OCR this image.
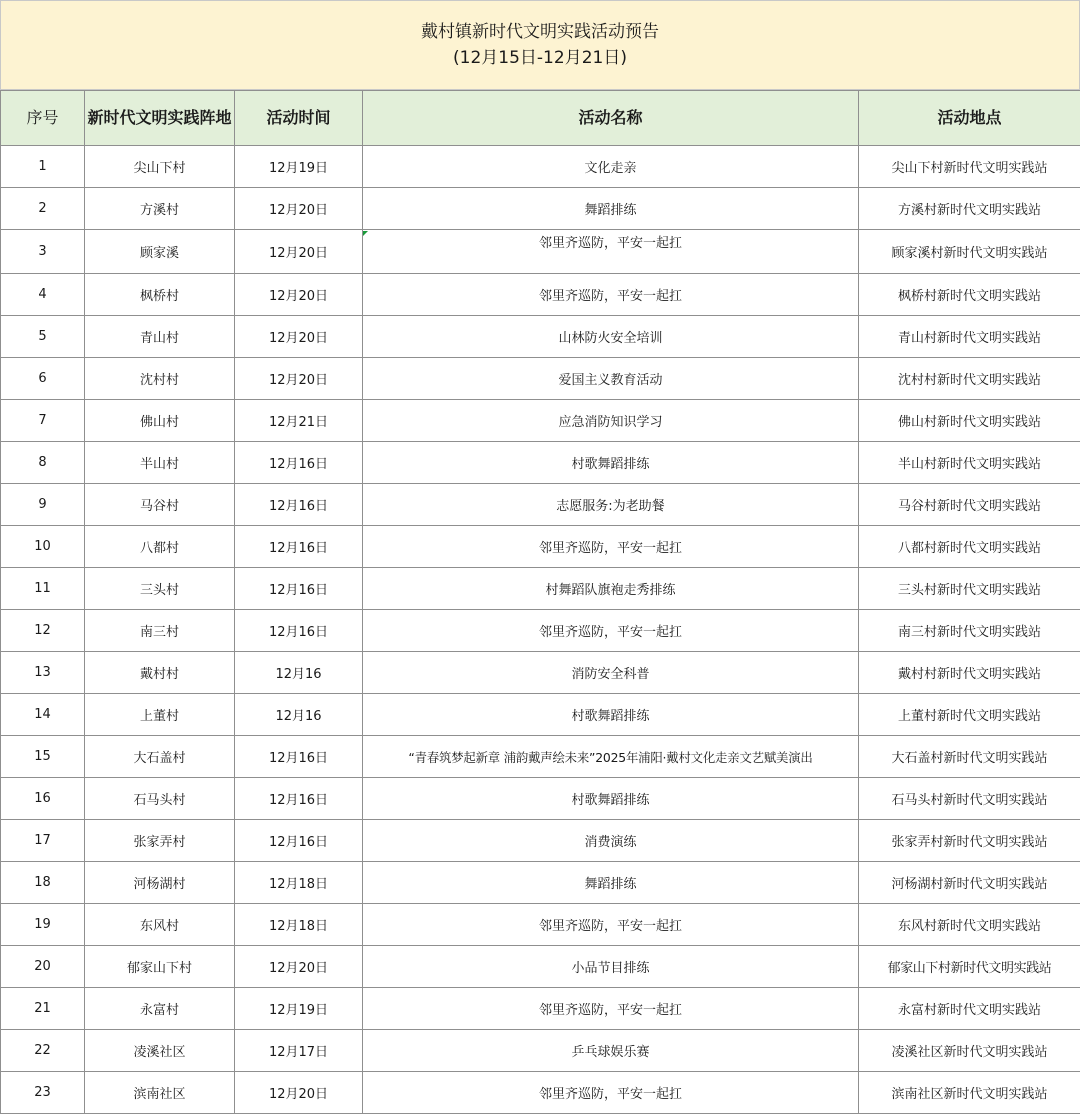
戴村镇新时代文明实践活动预告
(12月15日-12月21日)
序号	新时代文明实践阵地	活动时间	活动名称	活动地点
1	尖山下村	12月19日	文化走亲	尖山下村新时代文明实践站
2	方溪村	12月20日	舞蹈排练	方溪村新时代文明实践站
3	顾家溪	12月20日	邻里齐巡防，平安一起扛	顾家溪村新时代文明实践站
4	枫桥村	12月20日	邻里齐巡防，平安一起扛	枫桥村新时代文明实践站
5	青山村	12月20日	山林防火安全培训	青山村新时代文明实践站
6	沈村村	12月20日	爱国主义教育活动	沈村村新时代文明实践站
7	佛山村	12月21日	应急消防知识学习	佛山村新时代文明实践站
8	半山村	12月16日	村歌舞蹈排练	半山村新时代文明实践站
9	马谷村	12月16日	志愿服务:为老助餐	马谷村新时代文明实践站
10	八都村	12月16日	邻里齐巡防，平安一起扛	八都村新时代文明实践站
11	三头村	12月16日	村舞蹈队旗袍走秀排练	三头村新时代文明实践站
12	南三村	12月16日	邻里齐巡防，平安一起扛	南三村新时代文明实践站
13	戴村村	12月16	消防安全科普	戴村村新时代文明实践站
14	上董村	12月16	村歌舞蹈排练	上董村新时代文明实践站
15	大石盖村	12月16日	“青春筑梦起新章 浦韵戴声绘未来”2025年浦阳·戴村文化走亲文艺赋美演出	大石盖村新时代文明实践站
16	石马头村	12月16日	村歌舞蹈排练	石马头村新时代文明实践站
17	张家弄村	12月16日	消费演练	张家弄村新时代文明实践站
18	河杨湖村	12月18日	舞蹈排练	河杨湖村新时代文明实践站
19	东风村	12月18日	邻里齐巡防，平安一起扛	东风村新时代文明实践站
20	郁家山下村	12月20日	小品节目排练	郁家山下村新时代文明实践站
21	永富村	12月19日	邻里齐巡防，平安一起扛	永富村新时代文明实践站
22	凌溪社区	12月17日	乒乓球娱乐赛	凌溪社区新时代文明实践站
23	滨南社区	12月20日	邻里齐巡防，平安一起扛	滨南社区新时代文明实践站
